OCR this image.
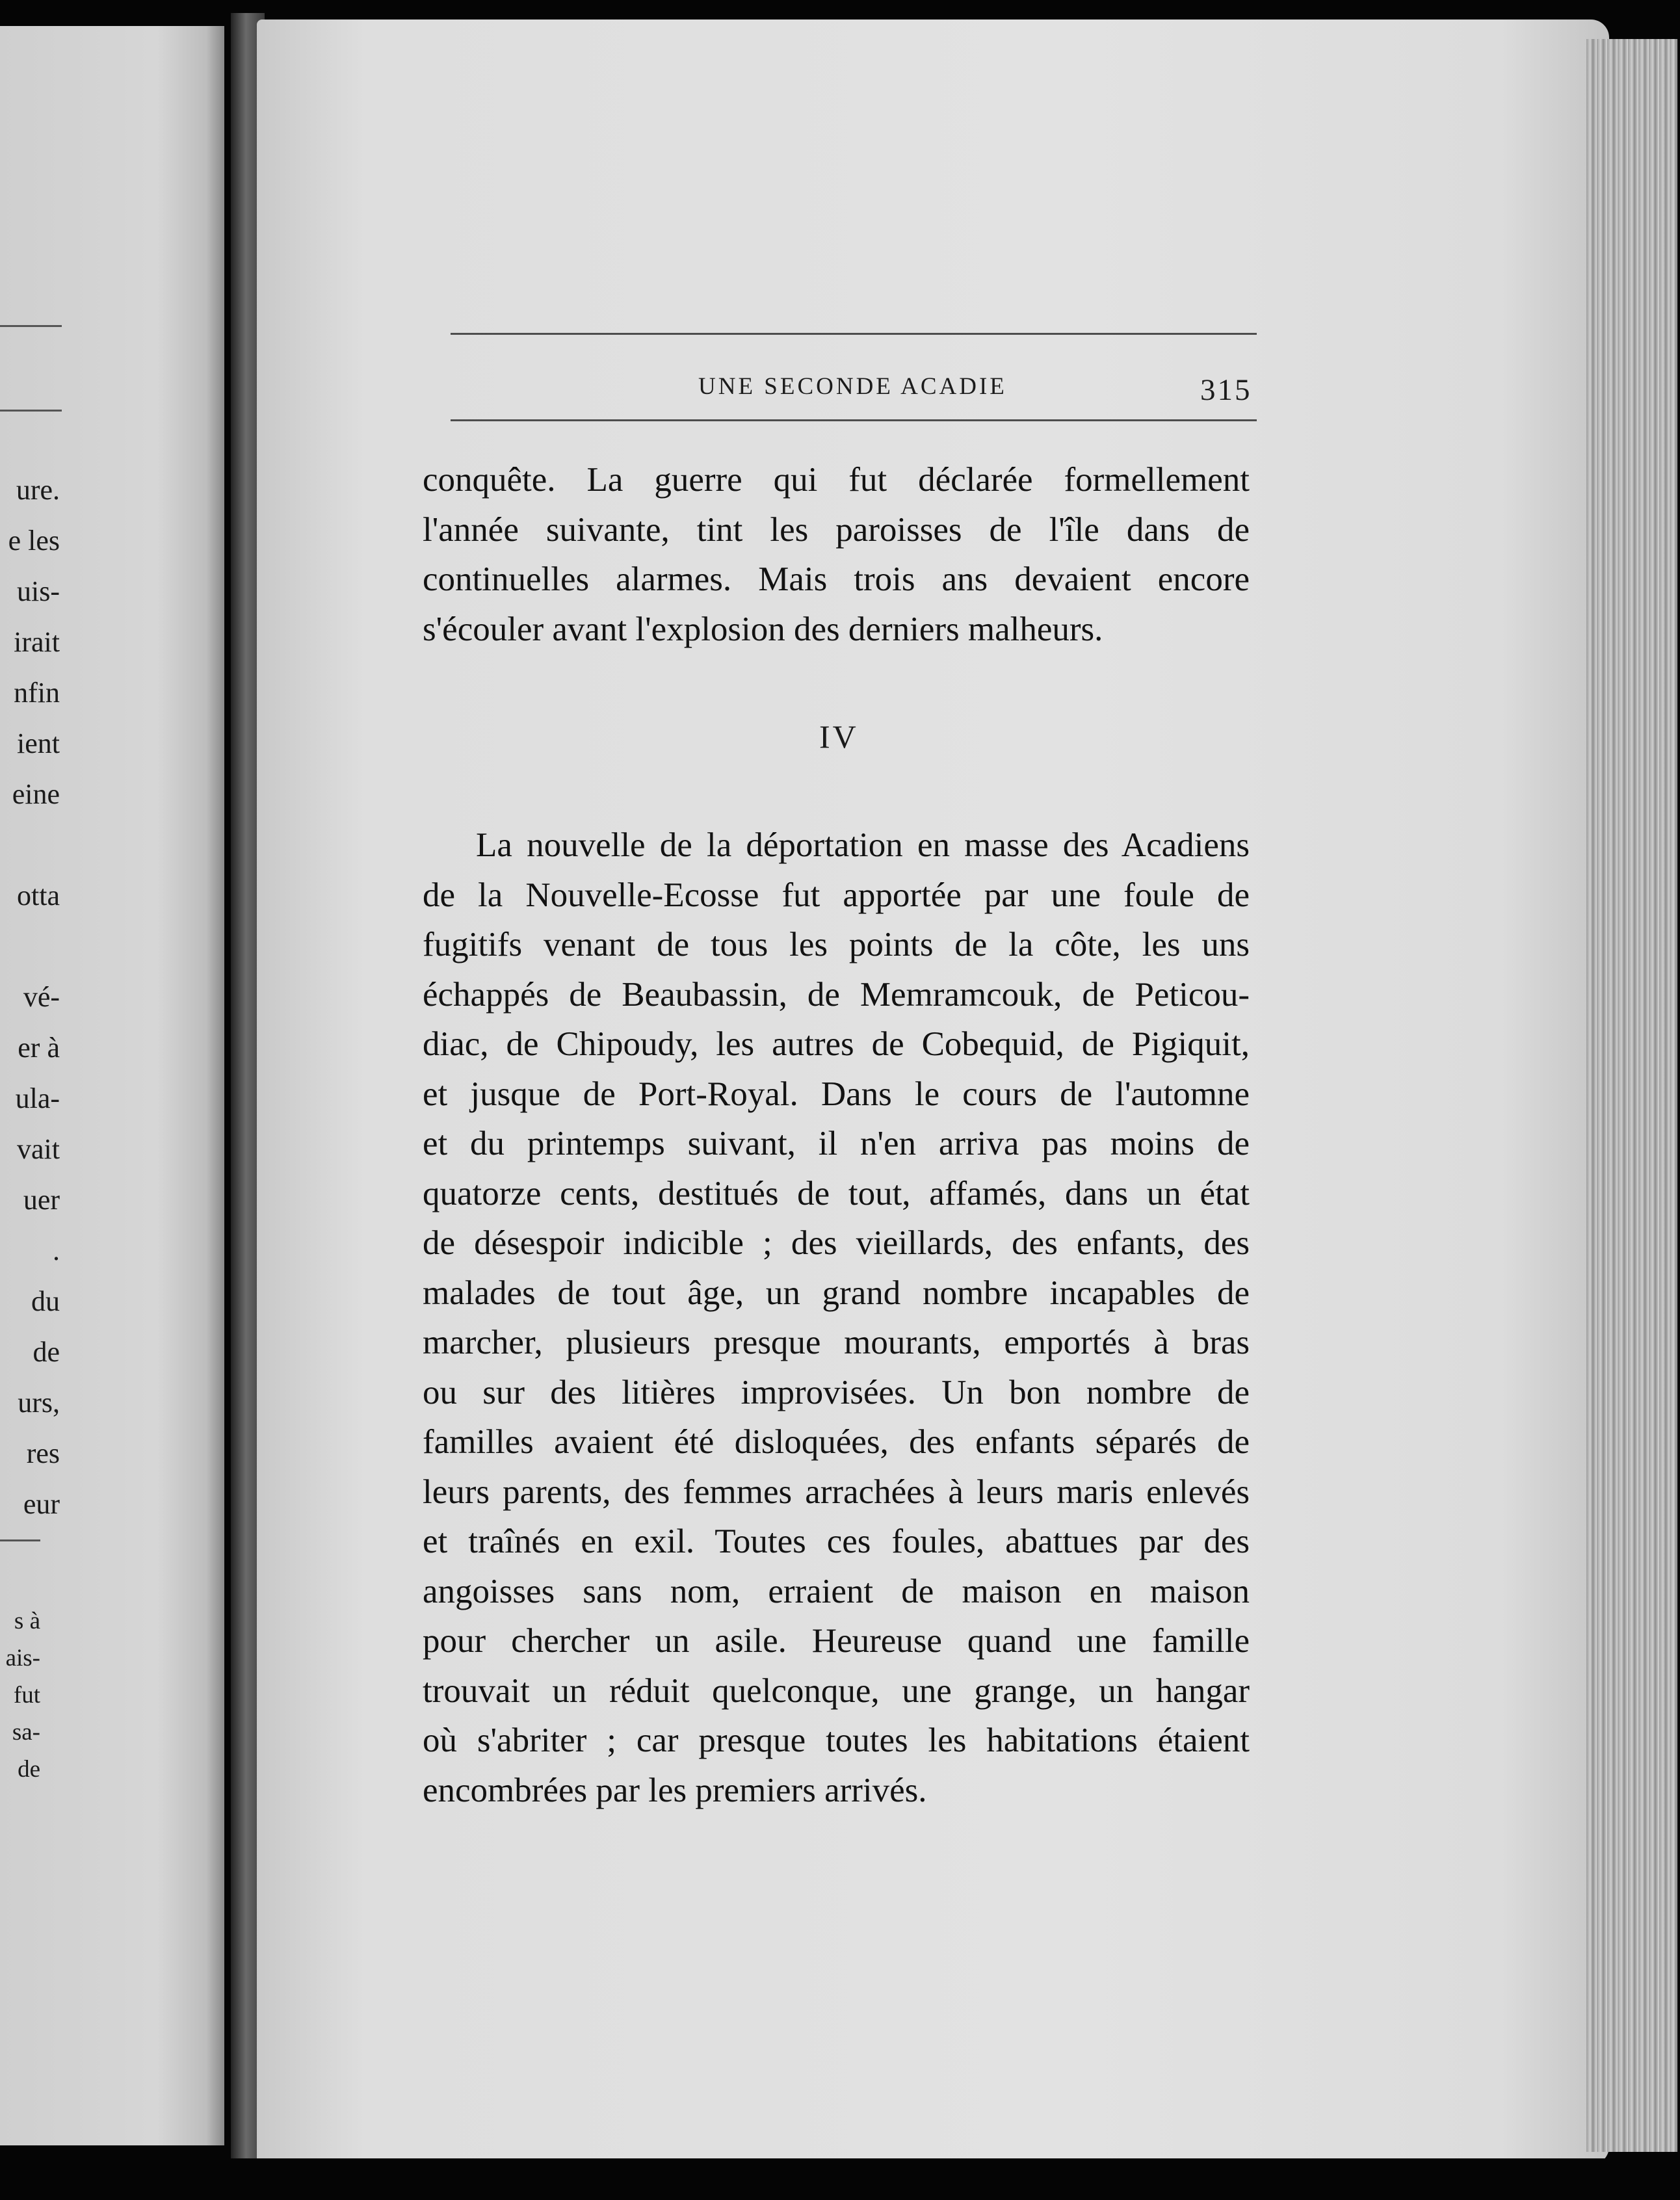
ure.
e les
uis-
irait
nfin
ient
eine
otta
vé-
er à
ula-
vait
uer
.
du
de
urs,
res
eur
s à
ais-
fut
sa-
de
UNE SECONDE ACADIE	315
conquête. La guerre qui fut déclarée formellement
l'année suivante, tint les paroisses de l'île dans de
continuelles alarmes. Mais trois ans devaient encore
s'écouler avant l'explosion des derniers malheurs.
IV
La nouvelle de la déportation en masse des Acadiens
de la Nouvelle-Ecosse fut apportée par une foule de
fugitifs venant de tous les points de la côte, les uns
échappés de Beaubassin, de Memramcouk, de Peticou-
diac, de Chipoudy, les autres de Cobequid, de Pigiquit,
et jusque de Port-Royal. Dans le cours de l'automne
et du printemps suivant, il n'en arriva pas moins de
quatorze cents, destitués de tout, affamés, dans un état
de désespoir indicible ; des vieillards, des enfants, des
malades de tout âge, un grand nombre incapables de
marcher, plusieurs presque mourants, emportés à bras
ou sur des litières improvisées. Un bon nombre de
familles avaient été disloquées, des enfants séparés de
leurs parents, des femmes arrachées à leurs maris enlevés
et traînés en exil. Toutes ces foules, abattues par des
angoisses sans nom, erraient de maison en maison
pour chercher un asile. Heureuse quand une famille
trouvait un réduit quelconque, une grange, un hangar
où s'abriter ; car presque toutes les habitations étaient
encombrées par les premiers arrivés.
